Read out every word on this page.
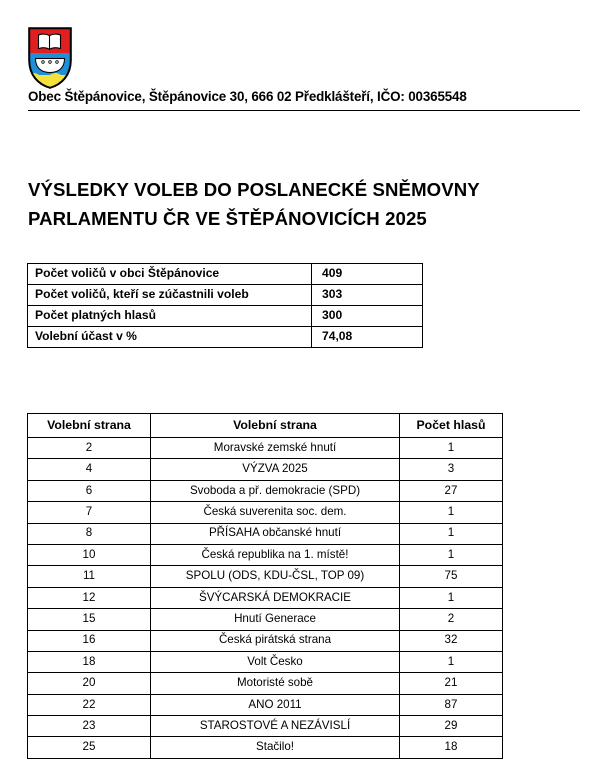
Obec Štěpánovice, Štěpánovice 30, 666 02 Předklášteří, IČO: 00365548
VÝSLEDKY VOLEB DO POSLANECKÉ SNĚMOVNY
PARLAMENTU ČR VE ŠTĚPÁNOVICÍCH 2025
Počet voličů v obci Štěpánovice	409
Počet voličů, kteří se zúčastnili voleb	303
Počet platných hlasů	300
Volební účast v %	74,08
Volební strana	Volební strana	Počet hlasů
2	Moravské zemské hnutí	1
4	VÝZVA 2025	3
6	Svoboda a př. demokracie (SPD)	27
7	Česká suverenita soc. dem.	1
8	PŘÍSAHA občanské hnutí	1
10	Česká republika na 1. místě!	1
11	SPOLU (ODS, KDU-ČSL, TOP 09)	75
12	ŠVÝCARSKÁ DEMOKRACIE	1
15	Hnutí Generace	2
16	Česká pirátská strana	32
18	Volt Česko	1
20	Motoristé sobě	21
22	ANO 2011	87
23	STAROSTOVÉ A NEZÁVISLÍ	29
25	Stačilo!	18
